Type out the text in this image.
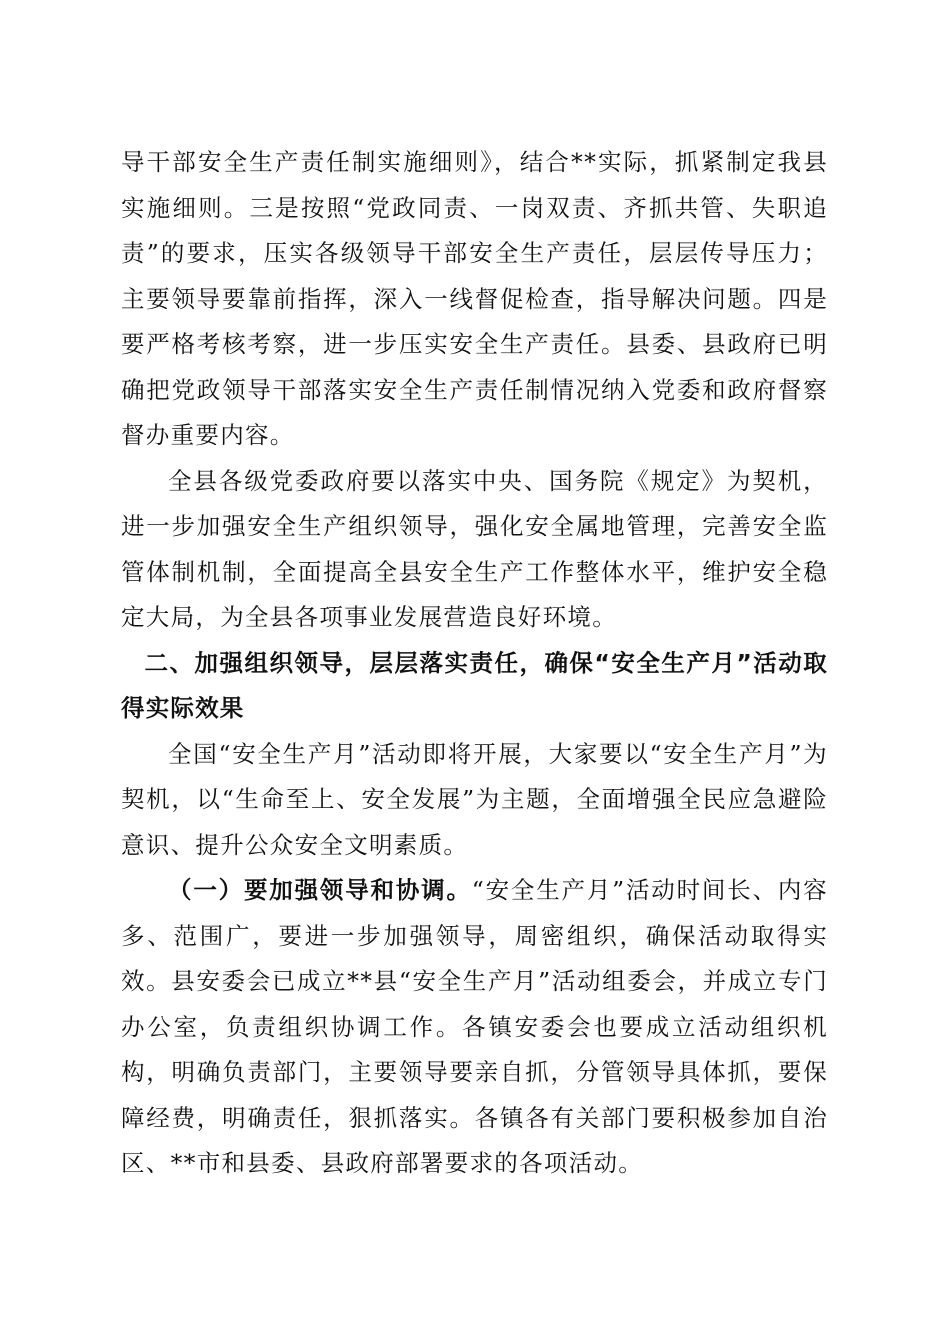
导干部安全生产责任制实施细则》，结合**实际，抓紧制定我县实施细则。三是按照“党政同责、一岗双责、齐抓共管、失职追责”的要求，压实各级领导干部安全生产责任，层层传导压力；主要领导要靠前指挥，深入一线督促检查，指导解决问题。四是要严格考核考察，进一步压实安全生产责任。县委、县政府已明确把党政领导干部落实安全生产责任制情况纳入党委和政府督察督办重要内容。

全县各级党委政府要以落实中央、国务院《规定》为契机，进一步加强安全生产组织领导，强化安全属地管理，完善安全监管体制机制，全面提高全县安全生产工作整体水平，维护安全稳定大局，为全县各项事业发展营造良好环境。

二、加强组织领导，层层落实责任，确保“安全生产月”活动取得实际效果

全国“安全生产月”活动即将开展，大家要以“安全生产月”为契机，以“生命至上、安全发展”为主题，全面增强全民应急避险意识、提升公众安全文明素质。

（一）要加强领导和协调。“安全生产月”活动时间长、内容多、范围广，要进一步加强领导，周密组织，确保活动取得实效。县安委会已成立**县“安全生产月”活动组委会，并成立专门办公室，负责组织协调工作。各镇安委会也要成立活动组织机构，明确负责部门，主要领导要亲自抓，分管领导具体抓，要保障经费，明确责任，狠抓落实。各镇各有关部门要积极参加自治区、**市和县委、县政府部署要求的各项活动。
